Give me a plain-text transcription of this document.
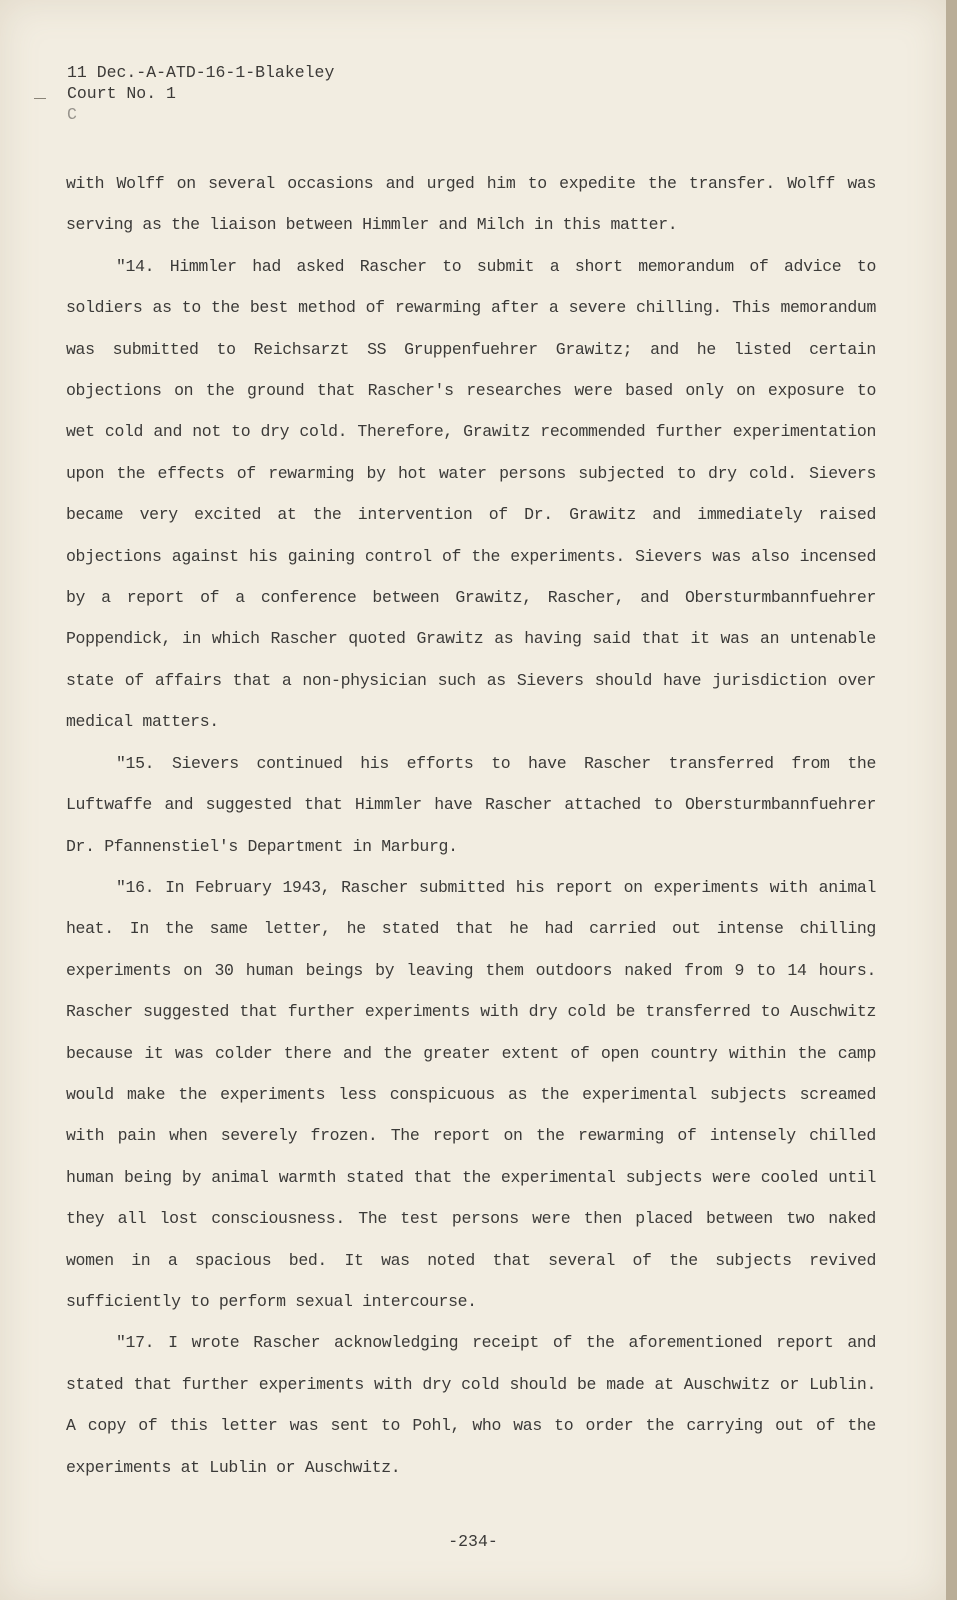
11 Dec.-A-ATD-16-1-Blakeley
Court No. 1
C

with Wolff on several occasions and urged him to expedite the transfer. Wolff was serving as the liaison between Himmler and Milch in this matter.

"14. Himmler had asked Rascher to submit a short memorandum of advice to soldiers as to the best method of rewarming after a severe chilling. This memorandum was submitted to Reichsarzt SS Gruppenfuehrer Grawitz; and he listed certain objections on the ground that Rascher's researches were based only on exposure to wet cold and not to dry cold. Therefore, Grawitz recommended further experimentation upon the effects of rewarming by hot water persons subjected to dry cold. Sievers became very excited at the intervention of Dr. Grawitz and immediately raised objections against his gaining control of the experiments. Sievers was also incensed by a report of a conference between Grawitz, Rascher, and Obersturmbannfuehrer Poppendick, in which Rascher quoted Grawitz as having said that it was an untenable state of affairs that a non-physician such as Sievers should have jurisdiction over medical matters.

"15. Sievers continued his efforts to have Rascher transferred from the Luftwaffe and suggested that Himmler have Rascher attached to Obersturmbannfuehrer Dr. Pfannenstiel's Department in Marburg.

"16. In February 1943, Rascher submitted his report on experiments with animal heat. In the same letter, he stated that he had carried out intense chilling experiments on 30 human beings by leaving them outdoors naked from 9 to 14 hours. Rascher suggested that further experiments with dry cold be transferred to Auschwitz because it was colder there and the greater extent of open country within the camp would make the experiments less conspicuous as the experimental subjects screamed with pain when severely frozen. The report on the rewarming of intensely chilled human being by animal warmth stated that the experimental subjects were cooled until they all lost consciousness. The test persons were then placed between two naked women in a spacious bed. It was noted that several of the subjects revived sufficiently to perform sexual intercourse.

"17. I wrote Rascher acknowledging receipt of the aforementioned report and stated that further experiments with dry cold should be made at Auschwitz or Lublin. A copy of this letter was sent to Pohl, who was to order the carrying out of the experiments at Lublin or Auschwitz.

-234-
